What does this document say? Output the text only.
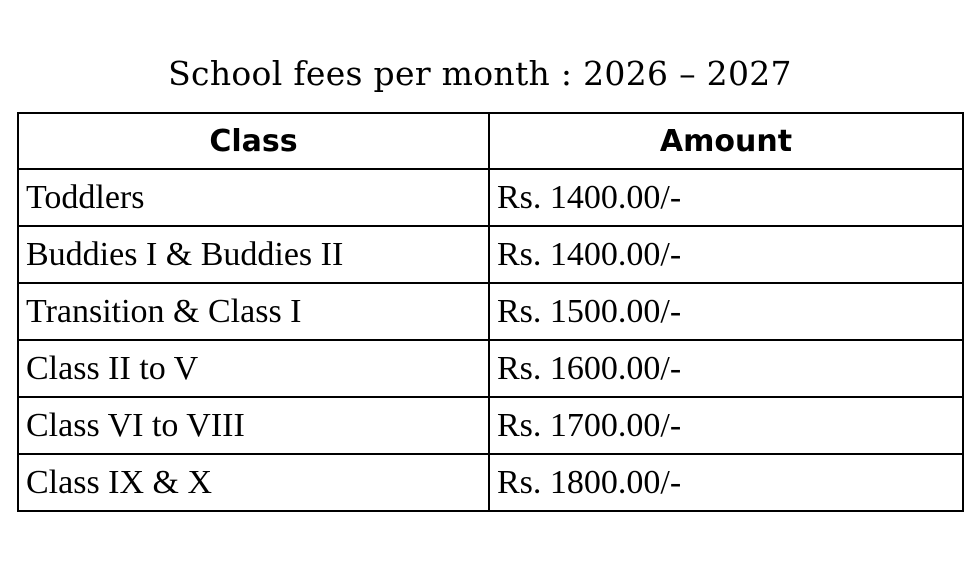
School fees per month : 2026 – 2027
Class	Amount
Toddlers	Rs. 1400.00/-
Buddies I & Buddies II	Rs. 1400.00/-
Transition & Class I	Rs. 1500.00/-
Class II to V	Rs. 1600.00/-
Class VI to VIII	Rs. 1700.00/-
Class IX & X	Rs. 1800.00/-
